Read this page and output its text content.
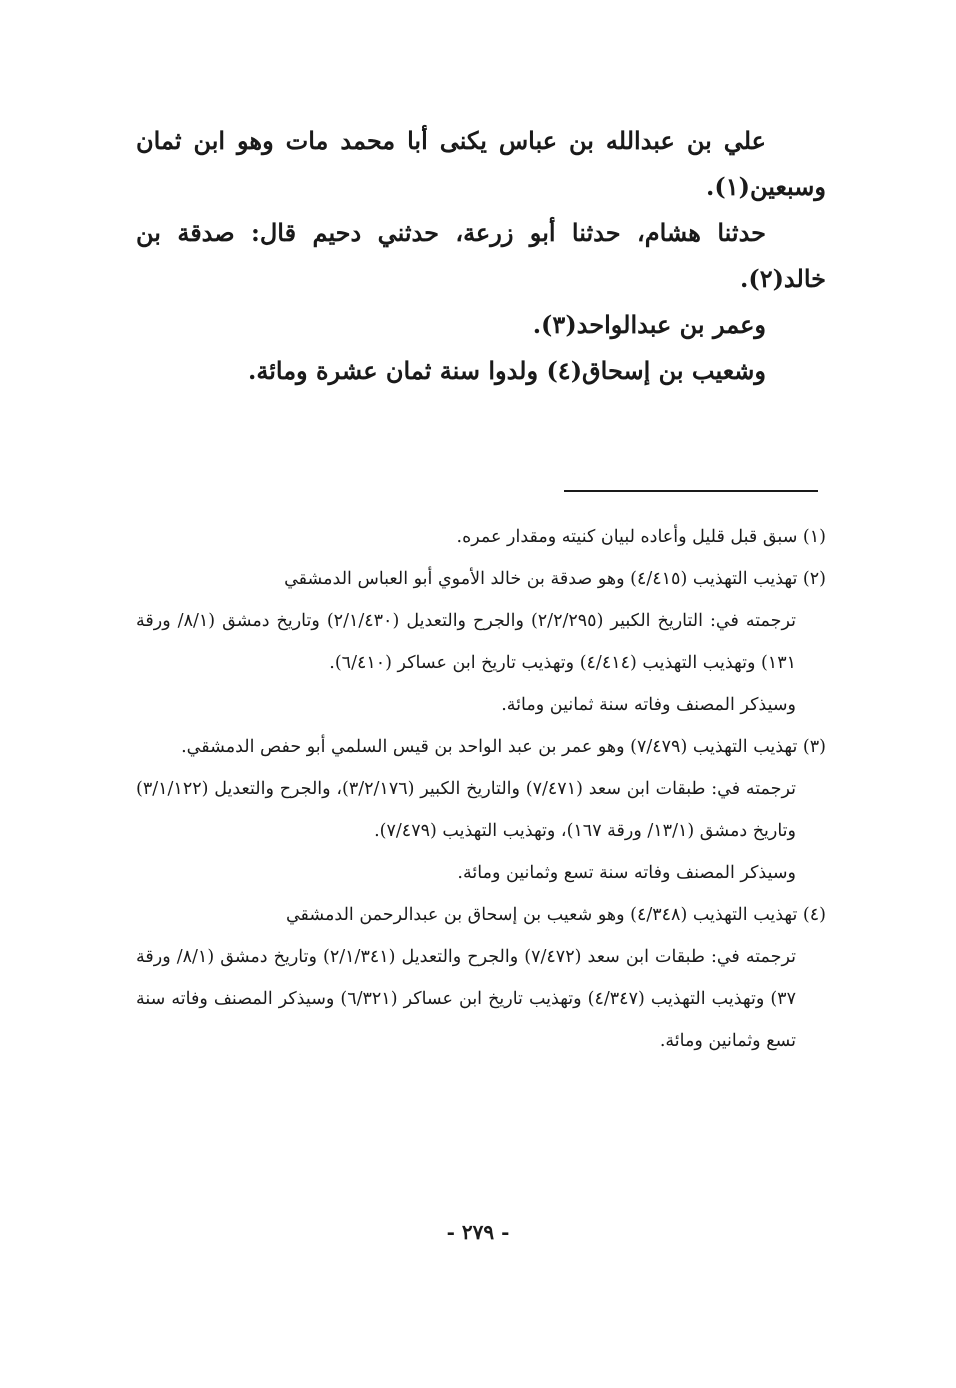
علي بن عبدالله بن عباس يكنى أبا محمد مات وهو ابن ثمان وسبعين(١).

حدثنا هشام، حدثنا أبو زرعة، حدثني دحيم قال: صدقة بن خالد(٢).

وعمر بن عبدالواحد(٣).

وشعيب بن إسحاق(٤) ولدوا سنة ثمان عشرة ومائة.

(١) سبق قبل قليل وأعاده لبيان كنيته ومقدار عمره.

(٢) تهذيب التهذيب (٤/٤١٥) وهو صدقة بن خالد الأموي أبو العباس الدمشقي

ترجمته في: التاريخ الكبير (٢/٢/٢٩٥) والجرح والتعديل (٢/١/٤٣٠) وتاريخ دمشق (٨/١/ ورقة ١٣١) وتهذيب التهذيب (٤/٤١٤) وتهذيب تاريخ ابن عساكر (٦/٤١٠).

وسيذكر المصنف وفاته سنة ثمانين ومائة.

(٣) تهذيب التهذيب (٧/٤٧٩) وهو عمر بن عبد الواحد بن قيس السلمي أبو حفص الدمشقي.

ترجمته في: طبقات ابن سعد (٧/٤٧١) والتاريخ الكبير (٣/٢/١٧٦)، والجرح والتعديل (٣/١/١٢٢) وتاريخ دمشق (١٣/١/ ورقة ١٦٧)، وتهذيب التهذيب (٧/٤٧٩).

وسيذكر المصنف وفاته سنة تسع وثمانين ومائة.

(٤) تهذيب التهذيب (٤/٣٤٨) وهو شعيب بن إسحاق بن عبدالرحمن الدمشقي

ترجمته في: طبقات ابن سعد (٧/٤٧٢) والجرح والتعديل (٢/١/٣٤١) وتاريخ دمشق (٨/١/ ورقة ٣٧) وتهذيب التهذيب (٤/٣٤٧) وتهذيب تاريخ ابن عساكر (٦/٣٢١) وسيذكر المصنف وفاته سنة تسع وثمانين ومائة.

- ٢٧٩ -
